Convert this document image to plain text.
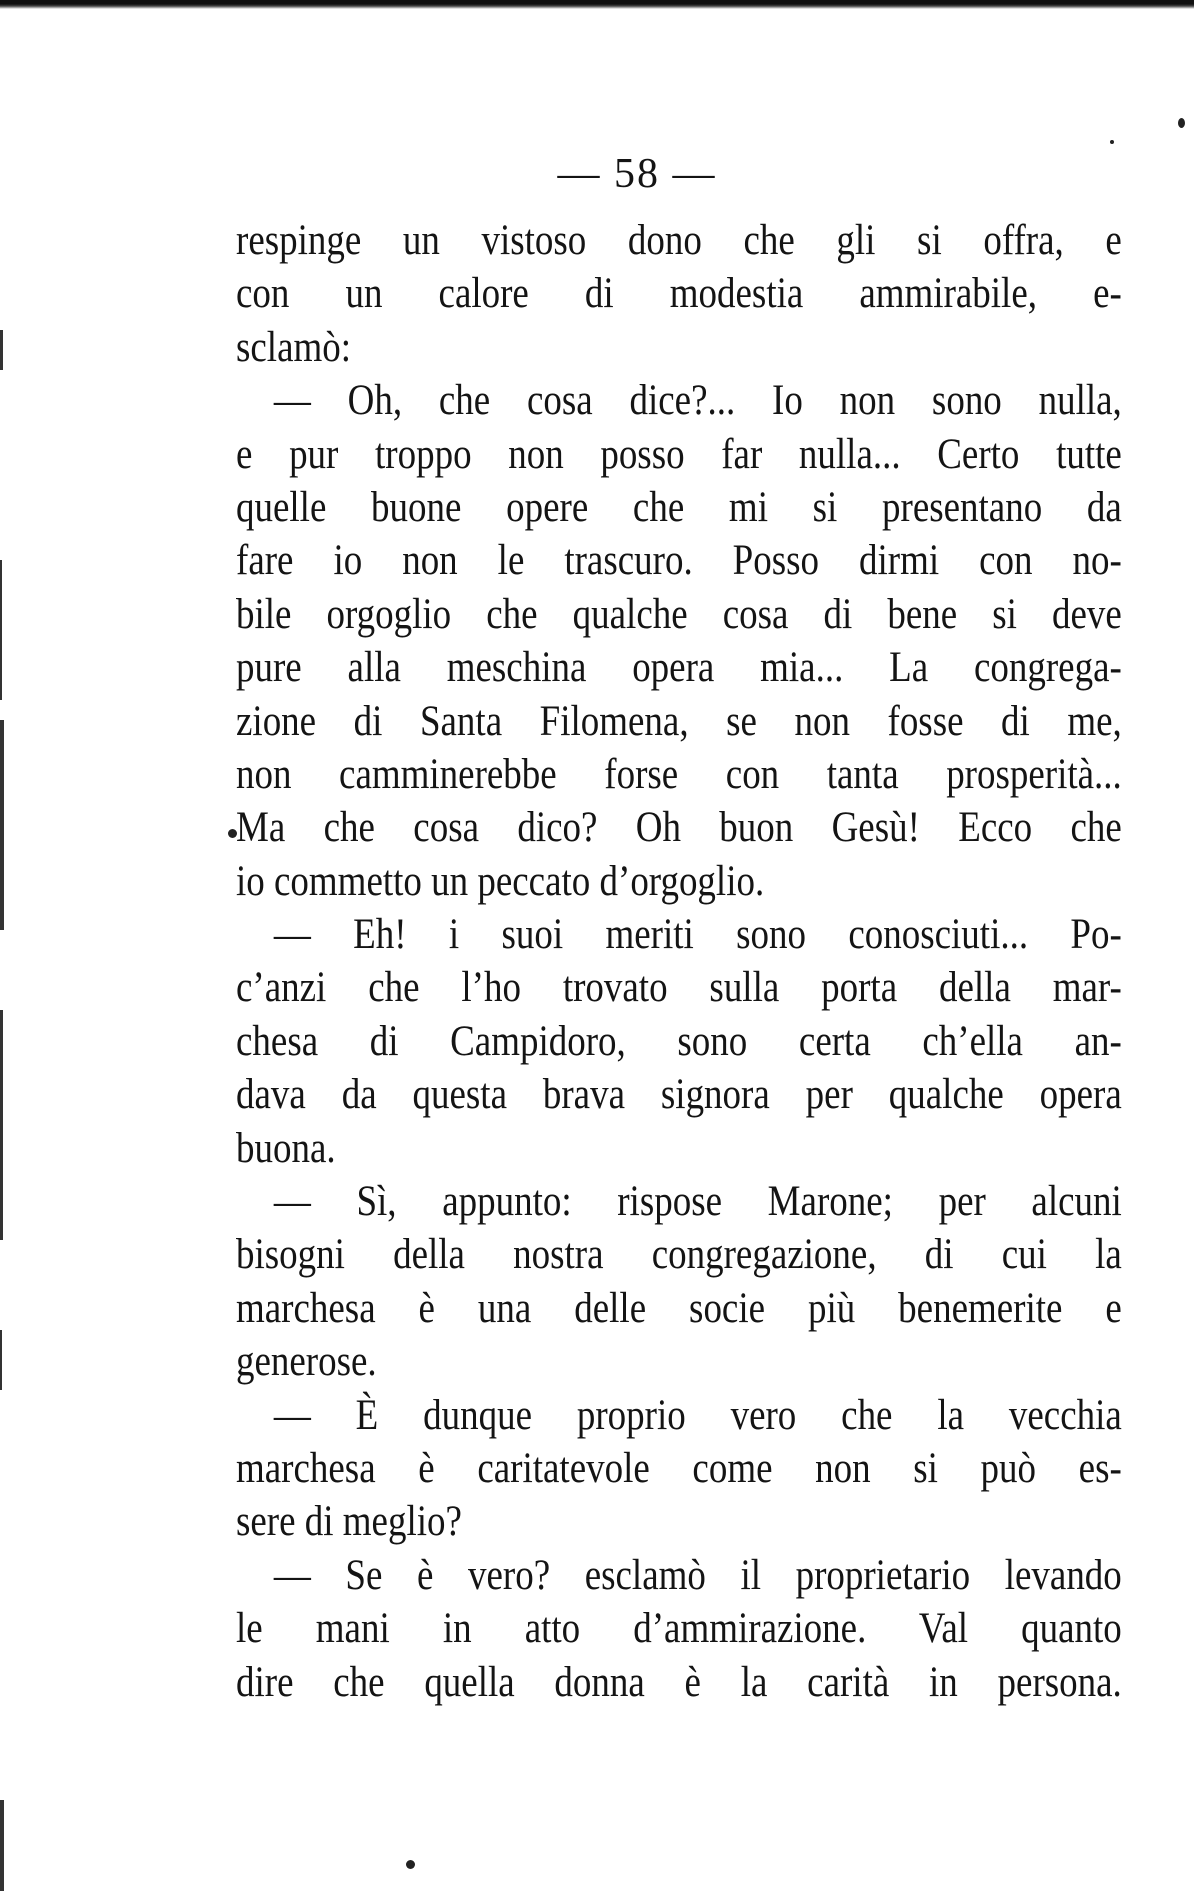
— 58 —
respinge un vistoso dono che gli si offra, e
con un calore di modestia ammirabile, e-
sclamò:
— Oh, che cosa dice?... Io non sono nulla,
e pur troppo non posso far nulla... Certo tutte
quelle buone opere che mi si presentano da
fare io non le trascuro. Posso dirmi con no-
bile orgoglio che qualche cosa di bene si deve
pure alla meschina opera mia... La congrega-
zione di Santa Filomena, se non fosse di me,
non camminerebbe forse con tanta prosperità...
Ma che cosa dico? Oh buon Gesù! Ecco che
io commetto un peccato d’orgoglio.
— Eh! i suoi meriti sono conosciuti... Po-
c’anzi che l’ho trovato sulla porta della mar-
chesa di Campidoro, sono certa ch’ella an-
dava da questa brava signora per qualche opera
buona.
— Sì, appunto: rispose Marone; per alcuni
bisogni della nostra congregazione, di cui la
marchesa è una delle socie più benemerite e
generose.
— È dunque proprio vero che la vecchia
marchesa è caritatevole come non si può es-
sere di meglio?
— Se è vero? esclamò il proprietario levando
le mani in atto d’ammirazione. Val quanto
dire che quella donna è la carità in persona.
